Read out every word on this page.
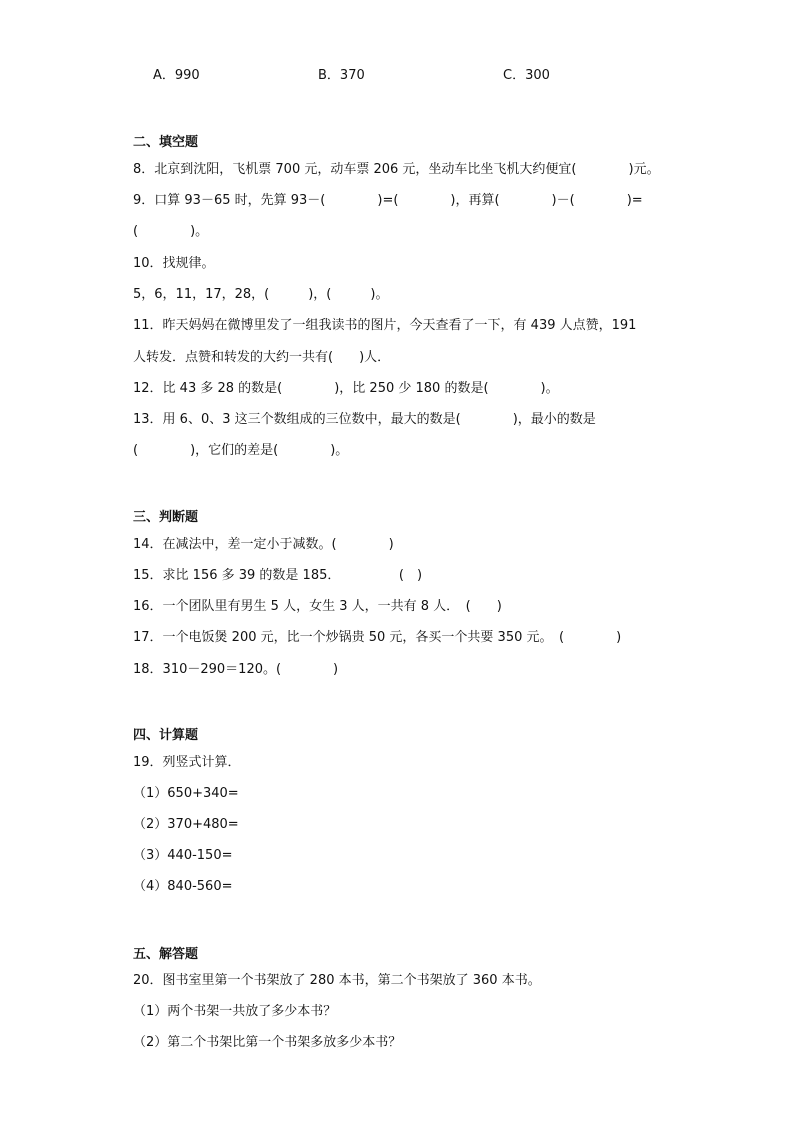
A．990	B．370	C．300
二、填空题
8．北京到沈阳，飞机票 700 元，动车票 206 元，坐动车比坐飞机大约便宜(　　　　)元。
9．口算 93－65 时，先算 93－(　　　　)=(　　　　)，再算(　　　　)－(　　　　)=
(　　　　)。
10．找规律。
5，6，11，17，28，(　　　)，(　　　)。
11．昨天妈妈在微博里发了一组我读书的图片，今天查看了一下，有 439 人点赞，191
人转发．点赞和转发的大约一共有(　　)人．
12．比 43 多 28 的数是(　　　　)，比 250 少 180 的数是(　　　　)。
13．用 6、0、3 这三个数组成的三位数中，最大的数是(　　　　)，最小的数是
(　　　　)，它们的差是(　　　　)。
三、判断题
14．在减法中，差一定小于减数。(　　　　)
15．求比 156 多 39 的数是 185．　　　　　(　)
16．一个团队里有男生 5 人，女生 3 人，一共有 8 人．　(　　)
17．一个电饭煲 200 元，比一个炒锅贵 50 元，各买一个共要 350 元。　(　　　　)
18．310－290＝120。(　　　　)
四、计算题
19．列竖式计算．
（1）650+340=
（2）370+480=
（3）440-150=
（4）840-560=
五、解答题
20．图书室里第一个书架放了 280 本书，第二个书架放了 360 本书。
（1）两个书架一共放了多少本书？
（2）第二个书架比第一个书架多放多少本书？
